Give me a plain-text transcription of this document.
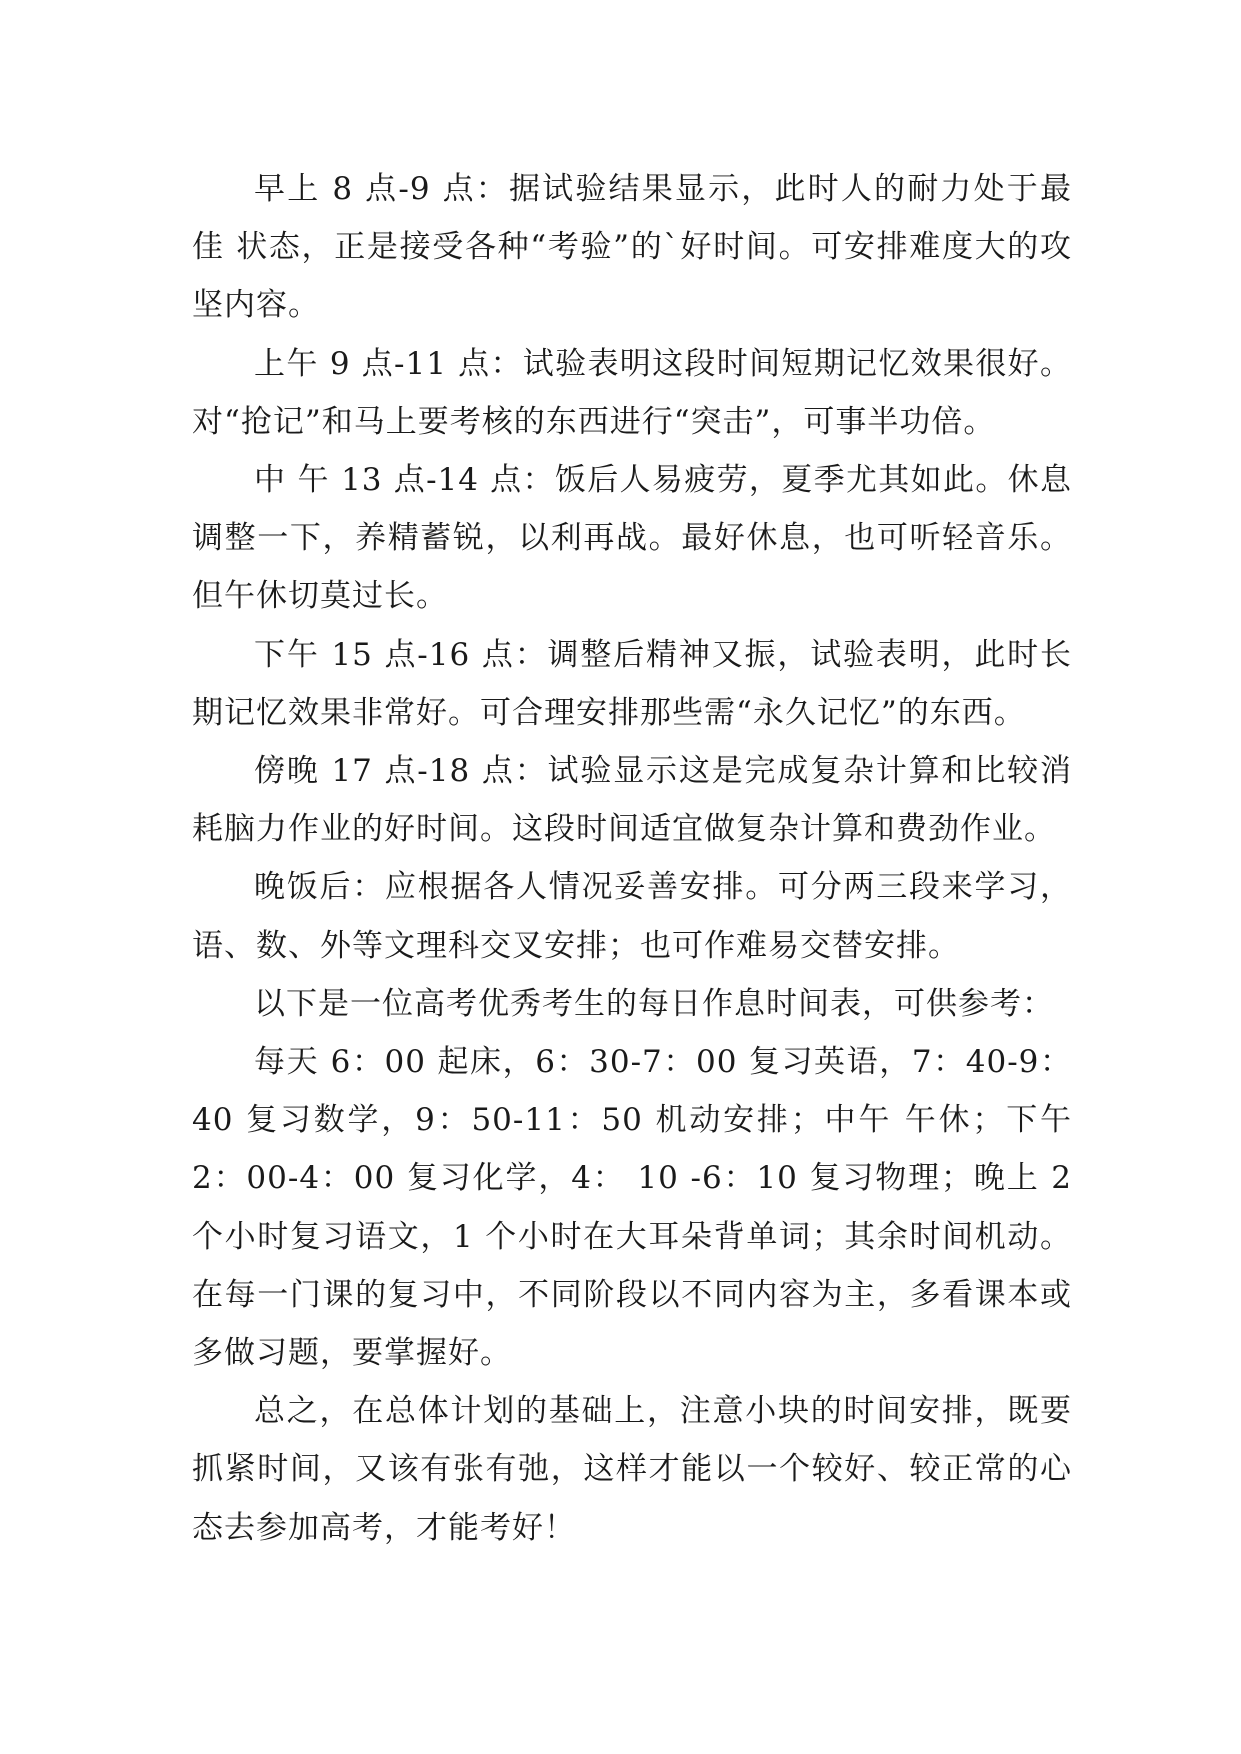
早上 8 点-9 点：据试验结果显示，此时人的耐力处于最佳 状态，正是接受各种“考验”的`好时间。可安排难度大的攻坚内容。

上午 9 点-11 点：试验表明这段时间短期记忆效果很好。对“抢记”和马上要考核的东西进行“突击”，可事半功倍。

中 午 13 点-14 点：饭后人易疲劳，夏季尤其如此。休息 调整一下，养精蓄锐，以利再战。最好休息，也可听轻音乐。但午休切莫过长。

下午 15 点-16 点：调整后精神又振，试验表明，此时长期记忆效果非常好。可合理安排那些需“永久记忆”的东西。

傍晚 17 点-18 点：试验显示这是完成复杂计算和比较消耗脑力作业的好时间。这段时间适宜做复杂计算和费劲作业。

晚饭后：应根据各人情况妥善安排。可分两三段来学习，语、数、外等文理科交叉安排；也可作难易交替安排。

以下是一位高考优秀考生的每日作息时间表，可供参考：

每天 6：00 起床，6：30-7：00 复习英语，7：40-9：40 复习数学，9：50-11：50 机动安排；中午 午休；下午 2：00-4：00 复习化学，4： 10 -6：10 复习物理；晚上 2 个小时复习语文，1 个小时在大耳朵背单词；其余时间机动。在每一门课的复习中，不同阶段以不同内容为主，多看课本或多做习题，要掌握好。

总之，在总体计划的基础上，注意小块的时间安排，既要抓紧时间，又该有张有弛，这样才能以一个较好、较正常的心态去参加高考，才能考好！
